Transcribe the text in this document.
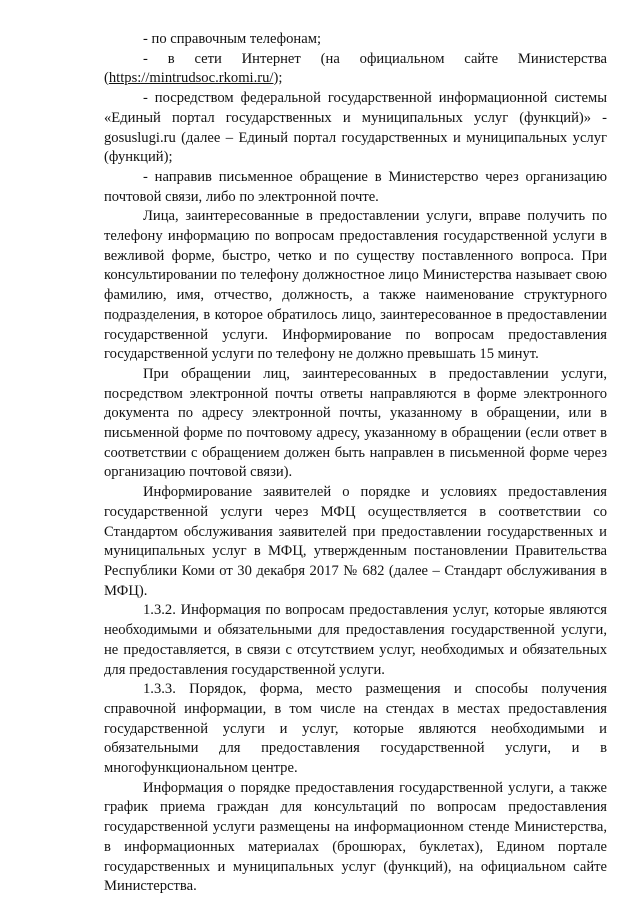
- по справочным телефонам;

- в сети Интернет (на официальном сайте Министерства (https://mintrudsoc.rkomi.ru/);

- посредством федеральной государственной информационной системы «Единый портал государственных и муниципальных услуг (функций)» - gosuslugi.ru (далее – Единый портал государственных и муниципальных услуг (функций);

- направив письменное обращение в Министерство через организацию почтовой связи, либо по электронной почте.

Лица, заинтересованные в предоставлении услуги, вправе получить по телефону информацию по вопросам предоставления государственной услуги в вежливой форме, быстро, четко и по существу поставленного вопроса. При консультировании по телефону должностное лицо Министерства называет свою фамилию, имя, отчество, должность, а также наименование структурного подразделения, в которое обратилось лицо, заинтересованное в предоставлении государственной услуги. Информирование по вопросам предоставления государственной услуги по телефону не должно превышать 15 минут.

При обращении лиц, заинтересованных в предоставлении услуги, посредством электронной почты ответы направляются в форме электронного документа по адресу электронной почты, указанному в обращении, или в письменной форме по почтовому адресу, указанному в обращении (если ответ в соответствии с обращением должен быть направлен в письменной форме через организацию почтовой связи).

Информирование заявителей о порядке и условиях предоставления государственной услуги через МФЦ осуществляется в соответствии со Стандартом обслуживания заявителей при предоставлении государственных и муниципальных услуг в МФЦ, утвержденным постановлении Правительства Республики Коми от 30 декабря 2017 № 682 (далее – Стандарт обслуживания в МФЦ).

1.3.2. Информация по вопросам предоставления услуг, которые являются необходимыми и обязательными для предоставления государственной услуги, не предоставляется, в связи с отсутствием услуг, необходимых и обязательных для предоставления государственной услуги.

1.3.3. Порядок, форма, место размещения и способы получения справочной информации, в том числе на стендах в местах предоставления государственной услуги и услуг, которые являются необходимыми и обязательными для предоставления государственной услуги, и в многофункциональном центре.

Информация о порядке предоставления государственной услуги, а также график приема граждан для консультаций по вопросам предоставления государственной услуги размещены на информационном стенде Министерства, в информационных материалах (брошюрах, буклетах), Едином портале государственных и муниципальных услуг (функций), на официальном сайте Министерства.
